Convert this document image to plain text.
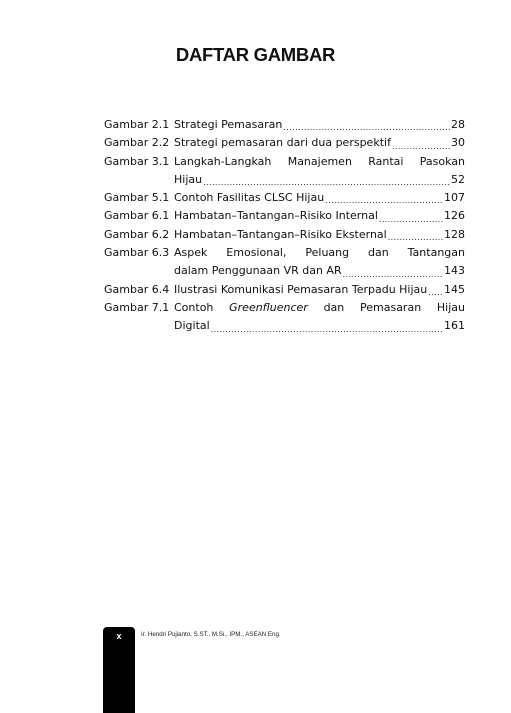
DAFTAR GAMBAR
Gambar 2.1 Strategi Pemasaran .....	28
Gambar 2.2 Strategi pemasaran dari dua perspektif .....	30
Gambar 3.1 Langkah-Langkah Manajemen Rantai Pasokan
Hijau .....	52
Gambar 5.1 Contoh Fasilitas CLSC Hijau .....	107
Gambar 6.1 Hambatan–Tantangan–Risiko Internal .....	126
Gambar 6.2 Hambatan–Tantangan–Risiko Eksternal .....	128
Gambar 6.3 Aspek Emosional, Peluang dan Tantangan
dalam Penggunaan VR dan AR .....	143
Gambar 6.4 Ilustrasi Komunikasi Pemasaran Terpadu Hijau ..... 145
Gambar 7.1 Contoh Greenfluencer dan Pemasaran Hijau
Digital .....	161
x	Ir. Hendri Pujianto, S.ST., M.Si., IPM., ASEAN Eng.
